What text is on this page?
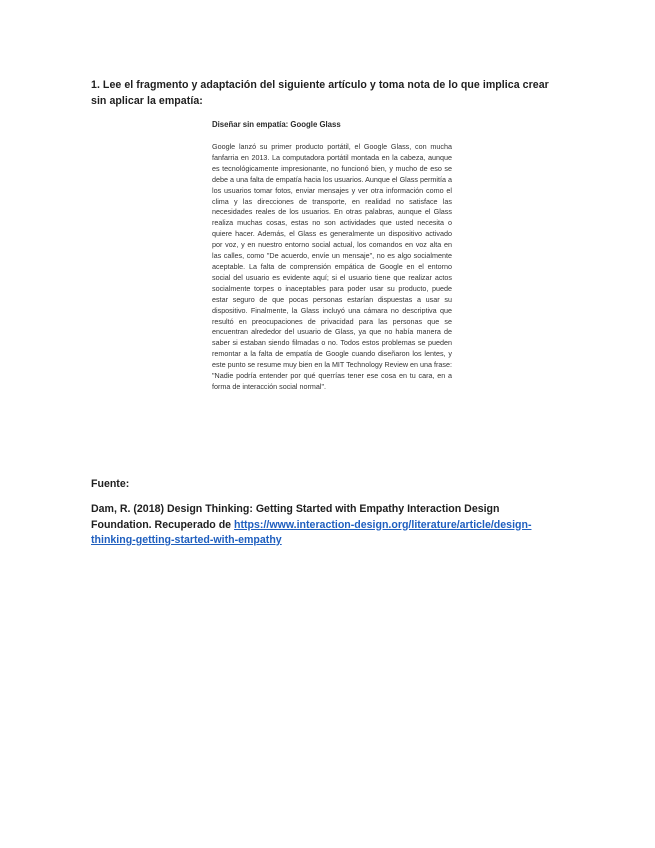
1. Lee el fragmento y adaptación del siguiente artículo y toma nota de lo que implica crear sin aplicar la empatía:
Diseñar sin empatía: Google Glass
Google lanzó su primer producto portátil, el Google Glass, con mucha fanfarria en 2013. La computadora portátil montada en la cabeza, aunque es tecnológicamente impresionante, no funcionó bien, y mucho de eso se debe a una falta de empatía hacia los usuarios. Aunque el Glass permitía a los usuarios tomar fotos, enviar mensajes y ver otra información como el clima y las direcciones de transporte, en realidad no satisface las necesidades reales de los usuarios. En otras palabras, aunque el Glass realiza muchas cosas, estas no son actividades que usted necesita o quiere hacer. Además, el Glass es generalmente un dispositivo activado por voz, y en nuestro entorno social actual, los comandos en voz alta en las calles, como "De acuerdo, envíe un mensaje", no es algo socialmente aceptable. La falta de comprensión empática de Google en el entorno social del usuario es evidente aquí; si el usuario tiene que realizar actos socialmente torpes o inaceptables para poder usar su producto, puede estar seguro de que pocas personas estarían dispuestas a usar su dispositivo. Finalmente, la Glass incluyó una cámara no descriptiva que resultó en preocupaciones de privacidad para las personas que se encuentran alrededor del usuario de Glass, ya que no había manera de saber si estaban siendo filmadas o no. Todos estos problemas se pueden remontar a la falta de empatía de Google cuando diseñaron los lentes, y este punto se resume muy bien en la MIT Technology Review en una frase: "Nadie podría entender por qué querrías tener ese cosa en tu cara, en a forma de interacción social normal".
Fuente:
Dam, R. (2018) Design Thinking: Getting Started with Empathy Interaction Design Foundation. Recuperado de https://www.interaction-design.org/literature/article/design-thinking-getting-started-with-empathy
